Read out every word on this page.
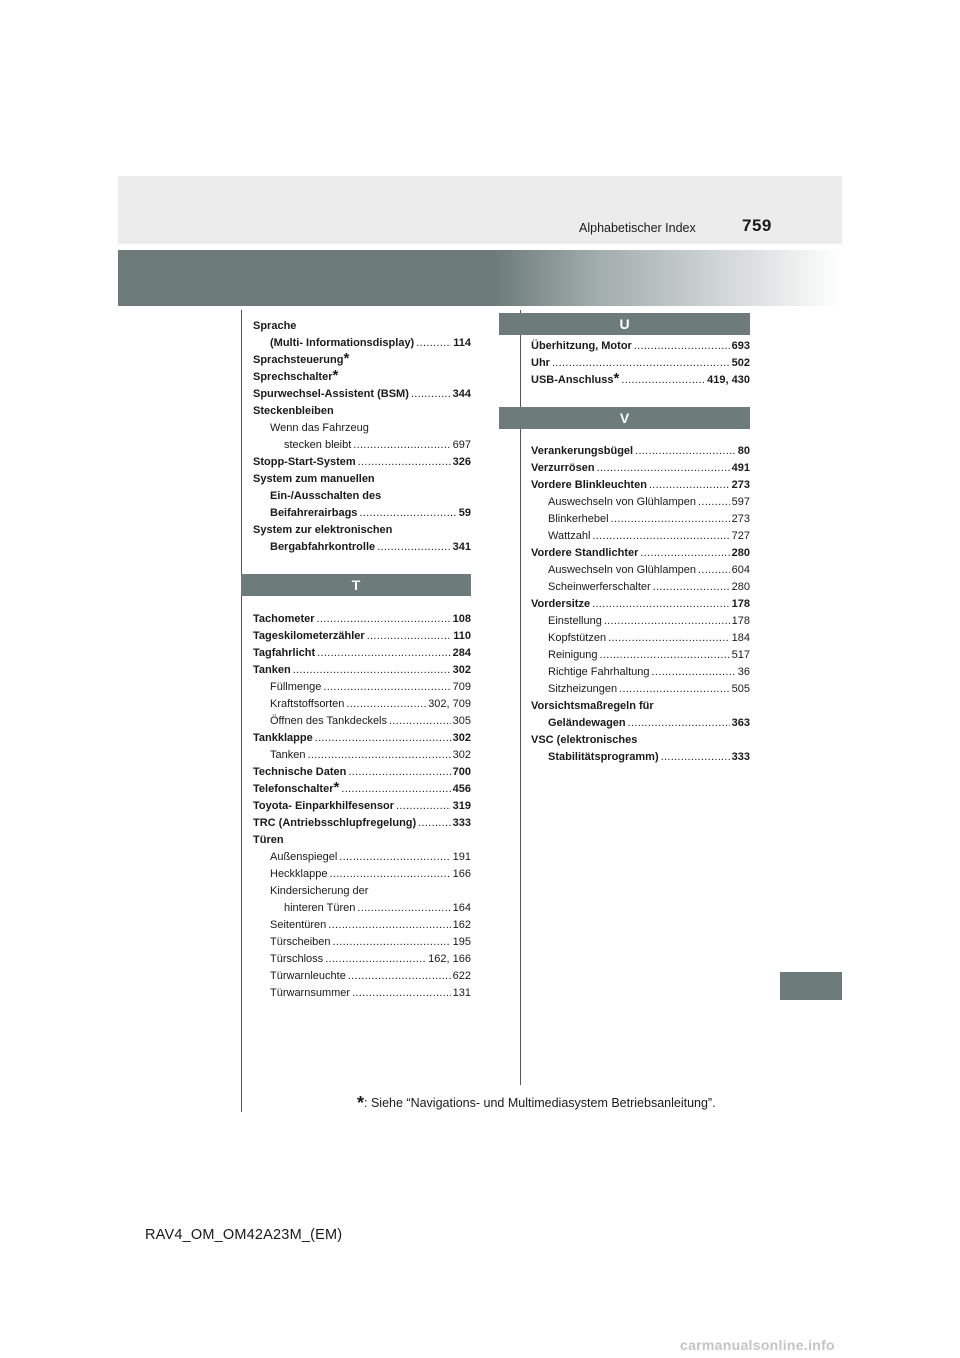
Alphabetischer Index	759
Sprache
(Multi- Informationsdisplay) .....	114
Sprachsteuerung *
Sprechschalter *
Spurwechsel-Assistent (BSM) .....	344
Steckenbleiben
Wenn das Fahrzeug
stecken bleibt .....	697
Stopp-Start-System .....	326
System zum manuellen
Ein-/Ausschalten des
Beifahrerairbags .....	59
System zur elektronischen
Bergabfahrkontrolle .....	341
T
Tachometer .....	108
Tageskilometerzähler .....	110
Tagfahrlicht .....	284
Tanken .....	302
Füllmenge .....	709
Kraftstoffsorten .....	302, 709
Öffnen des Tankdeckels .....	305
Tankklappe .....	302
Tanken .....	302
Technische Daten .....	700
Telefonschalter * .....	456
Toyota- Einparkhilfesensor .....	319
TRC (Antriebsschlupfregelung) .....	333
Türen
Außenspiegel .....	191
Heckklappe .....	166
Kindersicherung der
hinteren Türen .....	164
Seitentüren .....	162
Türscheiben .....	195
Türschloss .....	162, 166
Türwarnleuchte .....	622
Türwarnsummer .....	131
U
Überhitzung, Motor .....	693
Uhr .....	502
USB-Anschluss * .....	419, 430
V
Verankerungsbügel .....	80
Verzurrösen .....	491
Vordere Blinkleuchten .....	273
Auswechseln von Glühlampen .....	597
Blinkerhebel .....	273
Wattzahl .....	727
Vordere Standlichter .....	280
Auswechseln von Glühlampen .....	604
Scheinwerferschalter .....	280
Vordersitze .....	178
Einstellung .....	178
Kopfstützen .....	184
Reinigung .....	517
Richtige Fahrhaltung .....	36
Sitzheizungen .....	505
Vorsichtsmaßregeln für
Geländewagen .....	363
VSC (elektronisches
Stabilitätsprogramm) .....	333
*: Siehe “Navigations- und Multimediasystem Betriebsanleitung”.
RAV4_OM_OM42A23M_(EM)
carmanualsonline.info
